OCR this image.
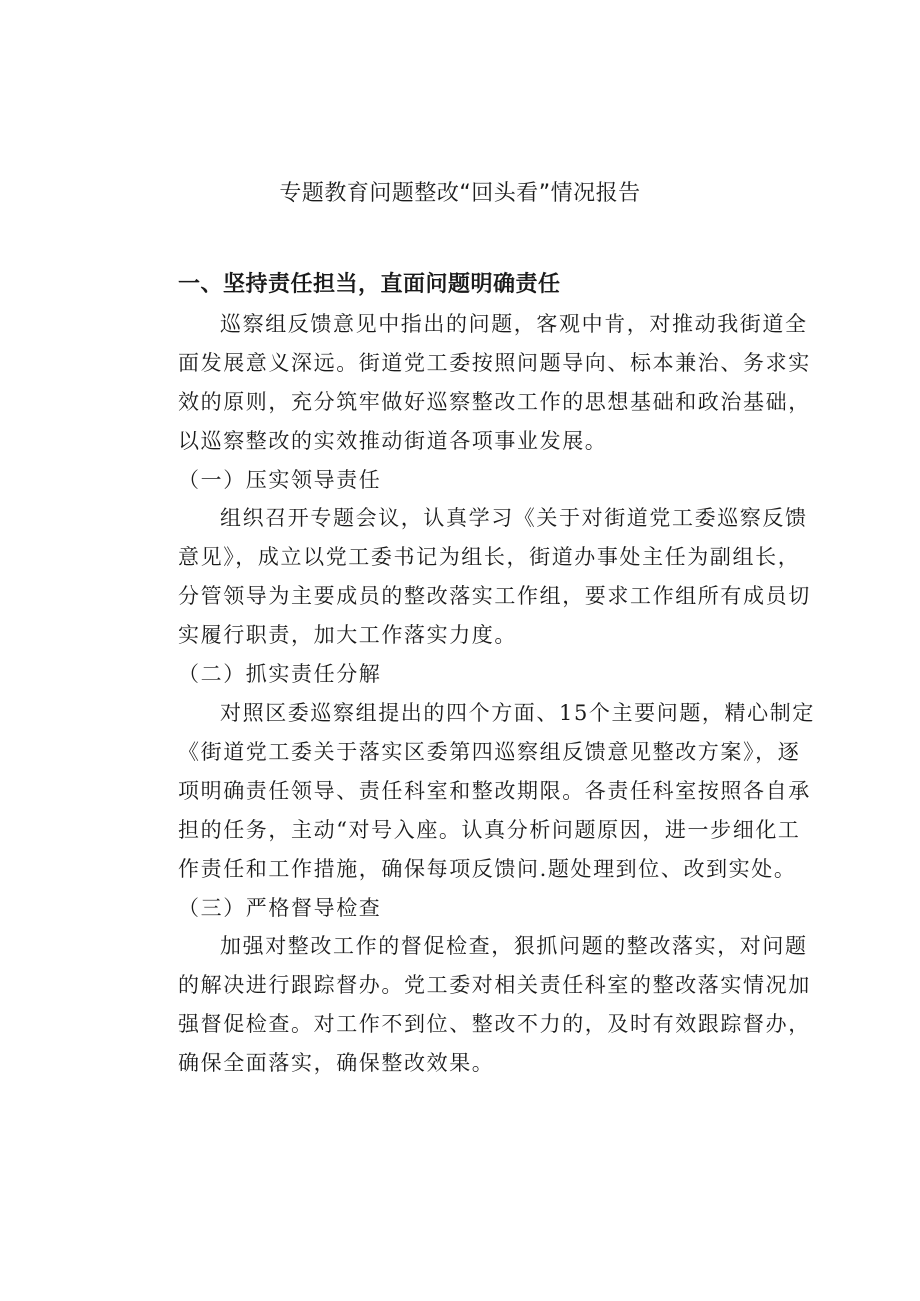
专题教育问题整改“回头看”情况报告
一、坚持责任担当，直面问题明确责任
巡察组反馈意见中指出的问题，客观中肯，对推动我街道全
面发展意义深远。街道党工委按照问题导向、标本兼治、务求实
效的原则，充分筑牢做好巡察整改工作的思想基础和政治基础，
以巡察整改的实效推动街道各项事业发展。
（一）压实领导责任
组织召开专题会议，认真学习《关于对街道党工委巡察反馈
意见》，成立以党工委书记为组长，街道办事处主任为副组长，
分管领导为主要成员的整改落实工作组，要求工作组所有成员切
实履行职责，加大工作落实力度。
（二）抓实责任分解
对照区委巡察组提出的四个方面、15个主要问题，精心制定
《街道党工委关于落实区委第四巡察组反馈意见整改方案》，逐
项明确责任领导、责任科室和整改期限。各责任科室按照各自承
担的任务，主动“对号入座。认真分析问题原因，进一步细化工
作责任和工作措施，确保每项反馈问.题处理到位、改到实处。
（三）严格督导检查
加强对整改工作的督促检查，狠抓问题的整改落实，对问题
的解决进行跟踪督办。党工委对相关责任科室的整改落实情况加
强督促检查。对工作不到位、整改不力的，及时有效跟踪督办，
确保全面落实，确保整改效果。
